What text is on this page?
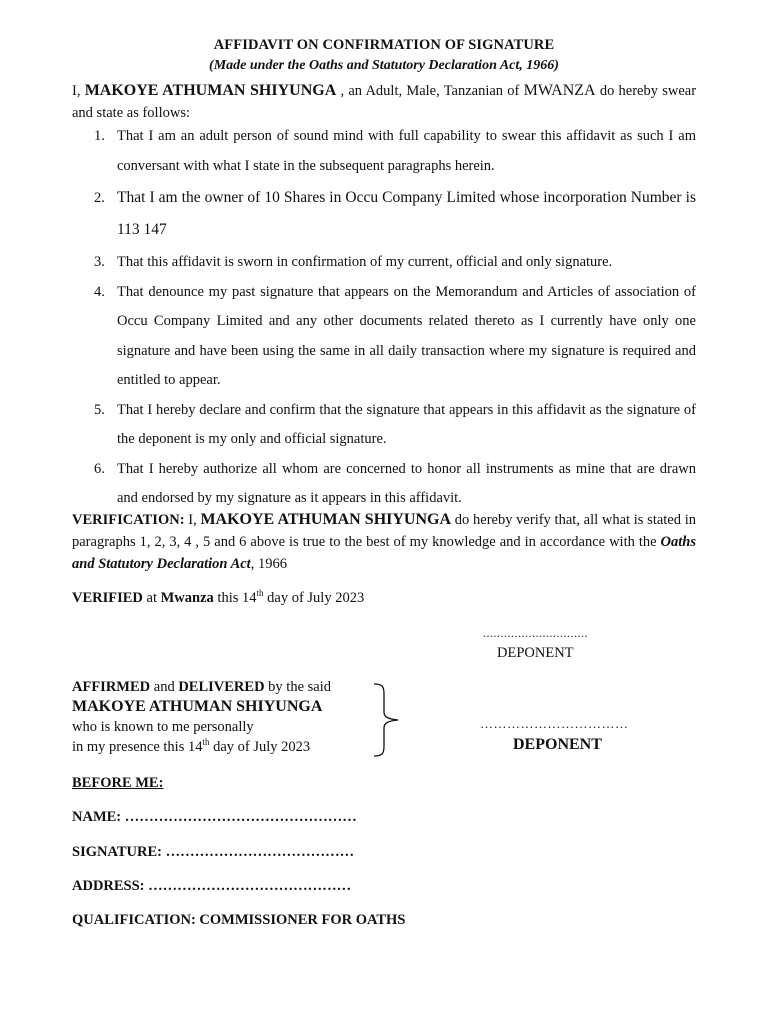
AFFIDAVIT ON CONFIRMATION OF SIGNATURE
(Made under the Oaths and Statutory Declaration Act, 1966)
I, MAKOYE ATHUMAN SHIYUNGA , an Adult, Male, Tanzanian of MWANZA do hereby swear and state as follows:
1. That I am an adult person of sound mind with full capability to swear this affidavit as such I am conversant with what I state in the subsequent paragraphs herein.
2. That I am the owner of 10 Shares in Occu Company Limited whose incorporation Number is 113 147
3. That this affidavit is sworn in confirmation of my current, official and only signature.
4. That denounce my past signature that appears on the Memorandum and Articles of association of Occu Company Limited and any other documents related thereto as I currently have only one signature and have been using the same in all daily transaction where my signature is required and entitled to appear.
5. That I hereby declare and confirm that the signature that appears in this affidavit as the signature of the deponent is my only and official signature.
6. That I hereby authorize all whom are concerned to honor all instruments as mine that are drawn and endorsed by my signature as it appears in this affidavit.
VERIFICATION: I, MAKOYE ATHUMAN SHIYUNGA do hereby verify that, all what is stated in paragraphs 1, 2, 3, 4 , 5 and 6 above is true to the best of my knowledge and in accordance with the Oaths and Statutory Declaration Act, 1966
VERIFIED at Mwanza this 14th day of July 2023
..............................
DEPONENT
AFFIRMED and DELIVERED by the said
MAKOYE ATHUMAN SHIYUNGA
who is known to me personally
in my presence this 14th day of July 2023
……………………………
DEPONENT
BEFORE ME:
NAME: …………………………………………
SIGNATURE: …………………………………
ADDRESS: ……………………………………
QUALIFICATION: COMMISSIONER FOR OATHS
